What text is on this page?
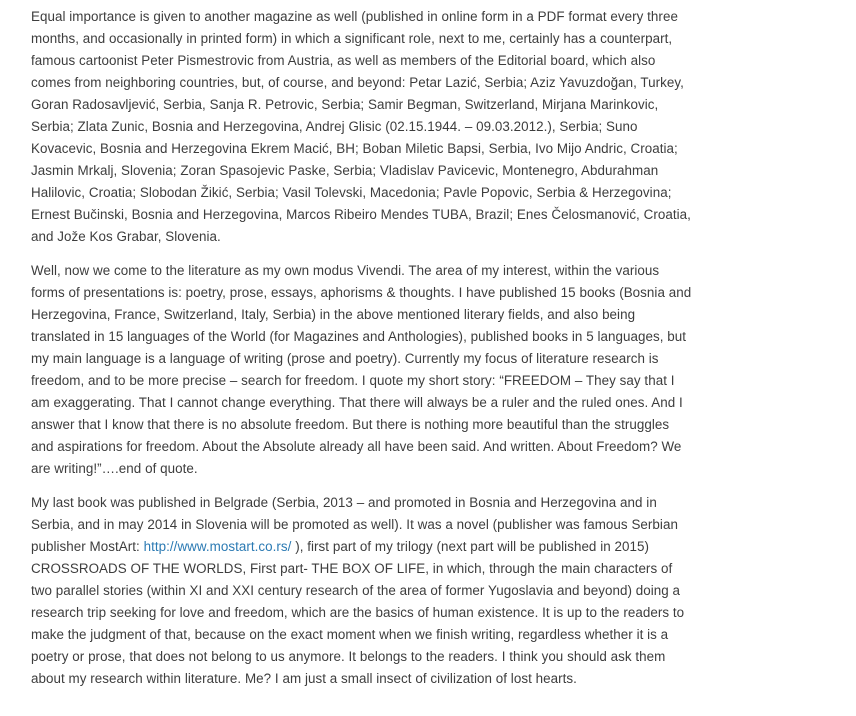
Equal importance is given to another magazine as well (published in online form in a PDF format every three months, and occasionally in printed form) in which a significant role, next to me, certainly has a counterpart, famous cartoonist Peter Pismestrovic from Austria, as well as members of the Editorial board, which also comes from neighboring countries, but, of course, and beyond: Petar Lazić, Serbia; Aziz Yavuzdoğan, Turkey, Goran Radosavljević, Serbia, Sanja R. Petrovic, Serbia; Samir Begman, Switzerland, Mirjana Marinkovic, Serbia; Zlata Zunic, Bosnia and Herzegovina, Andrej Glisic (02.15.1944. – 09.03.2012.), Serbia; Suno Kovacevic, Bosnia and Herzegovina Ekrem Macić, BH; Boban Miletic Bapsi, Serbia, Ivo Mijo Andric, Croatia; Jasmin Mrkalj, Slovenia; Zoran Spasojevic Paske, Serbia; Vladislav Pavicevic, Montenegro, Abdurahman Halilovic, Croatia; Slobodan Žikić, Serbia; Vasil Tolevski, Macedonia; Pavle Popovic, Serbia & Herzegovina; Ernest Bučinski, Bosnia and Herzegovina, Marcos Ribeiro Mendes TUBA, Brazil; Enes Čelosmanović, Croatia, and Jože Kos Grabar, Slovenia.

Well, now we come to the literature as my own modus Vivendi. The area of my interest, within the various forms of presentations is: poetry, prose, essays, aphorisms & thoughts. I have published 15 books (Bosnia and Herzegovina, France, Switzerland, Italy, Serbia) in the above mentioned literary fields, and also being translated in 15 languages of the World (for Magazines and Anthologies), published books in 5 languages, but my main language is a language of writing (prose and poetry). Currently my focus of literature research is freedom, and to be more precise – search for freedom. I quote my short story: “FREEDOM – They say that I am exaggerating. That I cannot change everything. That there will always be a ruler and the ruled ones. And I answer that I know that there is no absolute freedom. But there is nothing more beautiful than the struggles and aspirations for freedom. About the Absolute already all have been said. And written. About Freedom? We are writing!”….end of quote.

My last book was published in Belgrade (Serbia, 2013 – and promoted in Bosnia and Herzegovina and in Serbia, and in may 2014 in Slovenia will be promoted as well). It was a novel (publisher was famous Serbian publisher MostArt: http://www.mostart.co.rs/ ), first part of my trilogy (next part will be published in 2015) CROSSROADS OF THE WORLDS, First part- THE BOX OF LIFE, in which, through the main characters of two parallel stories (within XI and XXI century research of the area of former Yugoslavia and beyond) doing a research trip seeking for love and freedom, which are the basics of human existence. It is up to the readers to make the judgment of that, because on the exact moment when we finish writing, regardless whether it is a poetry or prose, that does not belong to us anymore. It belongs to the readers. I think you should ask them about my research within literature. Me? I am just a small insect of civilization of lost hearts.
